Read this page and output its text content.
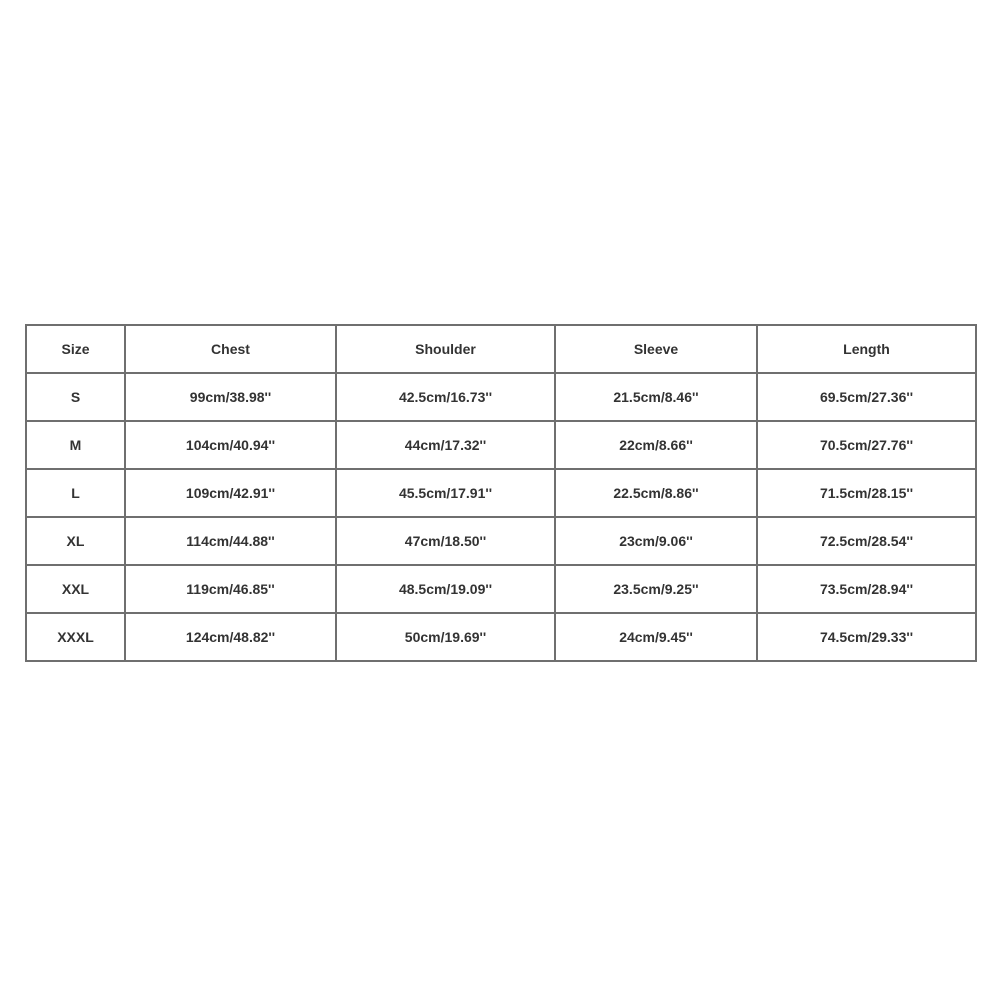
Size	Chest	Shoulder	Sleeve	Length
S	99cm/38.98''	42.5cm/16.73''	21.5cm/8.46''	69.5cm/27.36''
M	104cm/40.94''	44cm/17.32''	22cm/8.66''	70.5cm/27.76''
L	109cm/42.91''	45.5cm/17.91''	22.5cm/8.86''	71.5cm/28.15''
XL	114cm/44.88''	47cm/18.50''	23cm/9.06''	72.5cm/28.54''
XXL	119cm/46.85''	48.5cm/19.09''	23.5cm/9.25''	73.5cm/28.94''
XXXL	124cm/48.82''	50cm/19.69''	24cm/9.45''	74.5cm/29.33''
